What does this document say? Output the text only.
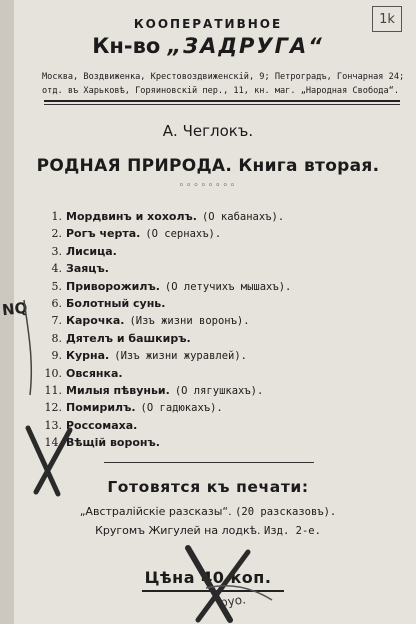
1k
КООПЕРАТИВНОЕ
Кн-во „ЗАДРУГА“
Москва, Воздвиженка, Крестовоздвиженскій, 9; Петроградъ, Гончарная 24;
отд. въ Харьковѣ, Горяиновскій пер., 11, кн. маг. „Народная Свобода“.
А. Чеглокъ.
РОДНАЯ ПРИРОДА. Книга вторая.
◦◦◦◦◦◦◦◦
1. Мордвинъ и хохолъ. (О кабанахъ).
2. Рогъ черта. (О сернахъ).
3. Лисица.
4. Заяцъ.
5. Приворожилъ. (О летучихъ мышахъ).
6. Болотный сунь.
7. Карочка. (Изъ жизни воронъ).
8. Дятелъ и башкиръ.
9. Курна. (Изъ жизни журавлей).
10. Овсянка.
11. Милыя пѣвуньи. (О лягушкахъ).
12. Помирилъ. (О гадюкахъ).
13. Россомаха.
14. Вѣщій воронъ.
Готовятся къ печати:
„Австралійскіе разсказы“. (20 разсказовъ).
Кругомъ Жигулей на лодкѣ. Изд. 2-е.
Цѣна 40 коп.
NQ
руо.
